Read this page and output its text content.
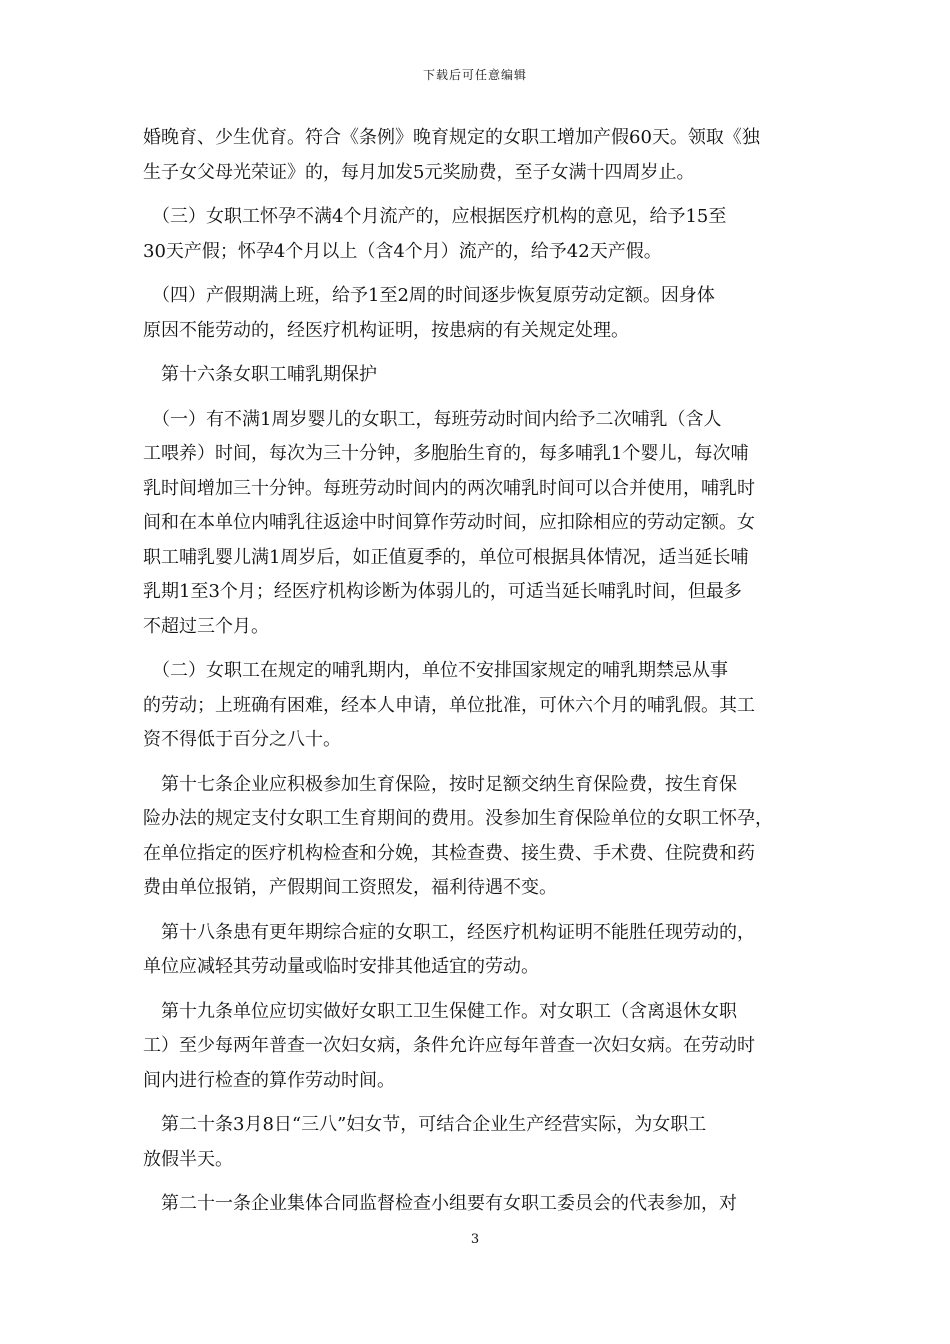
下载后可任意编辑
婚晚育、少生优育。符合《条例》晚育规定的女职工增加产假60天。领取《独
生子女父母光荣证》的，每月加发5元奖励费，至子女满十四周岁止。
　（三）女职工怀孕不满4个月流产的，应根据医疗机构的意见，给予15至
30天产假；怀孕4个月以上（含4个月）流产的，给予42天产假。
　（四）产假期满上班，给予1至2周的时间逐步恢复原劳动定额。因身体
原因不能劳动的，经医疗机构证明，按患病的有关规定处理。
　第十六条女职工哺乳期保护
　（一）有不满1周岁婴儿的女职工，每班劳动时间内给予二次哺乳（含人
工喂养）时间，每次为三十分钟，多胞胎生育的，每多哺乳1个婴儿，每次哺
乳时间增加三十分钟。每班劳动时间内的两次哺乳时间可以合并使用，哺乳时
间和在本单位内哺乳往返途中时间算作劳动时间，应扣除相应的劳动定额。女
职工哺乳婴儿满1周岁后，如正值夏季的，单位可根据具体情况，适当延长哺
乳期1至3个月；经医疗机构诊断为体弱儿的，可适当延长哺乳时间，但最多
不超过三个月。
　（二）女职工在规定的哺乳期内，单位不安排国家规定的哺乳期禁忌从事
的劳动；上班确有困难，经本人申请，单位批准，可休六个月的哺乳假。其工
资不得低于百分之八十。
　第十七条企业应积极参加生育保险，按时足额交纳生育保险费，按生育保
险办法的规定支付女职工生育期间的费用。没参加生育保险单位的女职工怀孕，
在单位指定的医疗机构检查和分娩，其检查费、接生费、手术费、住院费和药
费由单位报销，产假期间工资照发，福利待遇不变。
　第十八条患有更年期综合症的女职工，经医疗机构证明不能胜任现劳动的，
单位应减轻其劳动量或临时安排其他适宜的劳动。
　第十九条单位应切实做好女职工卫生保健工作。对女职工（含离退休女职
工）至少每两年普查一次妇女病，条件允许应每年普查一次妇女病。在劳动时
间内进行检查的算作劳动时间。
　第二十条3月8日“三八”妇女节，可结合企业生产经营实际，为女职工
放假半天。
　第二十一条企业集体合同监督检查小组要有女职工委员会的代表参加，对
3
